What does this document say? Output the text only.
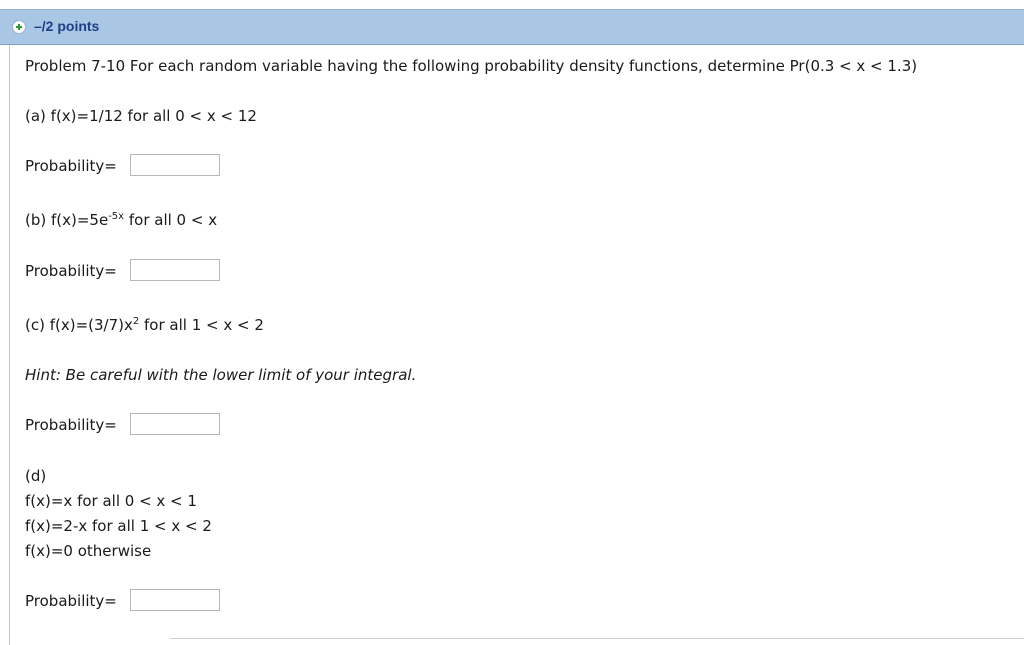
–/2 points
Problem 7-10 For each random variable having the following probability density functions, determine Pr(0.3 < x < 1.3)
(a) f(x)=1/12 for all 0 < x < 12
Probability=
(b) $f(x)=5e^{-5x}$ for all 0 < x
Probability=
(c) $f(x)=(3/7)x^2$ for all 1 < x < 2
Hint: Be careful with the lower limit of your integral.
Probability=
(d)
f(x)=x for all 0 < x < 1
f(x)=2-x for all 1 < x < 2
f(x)=0 otherwise
Probability=
